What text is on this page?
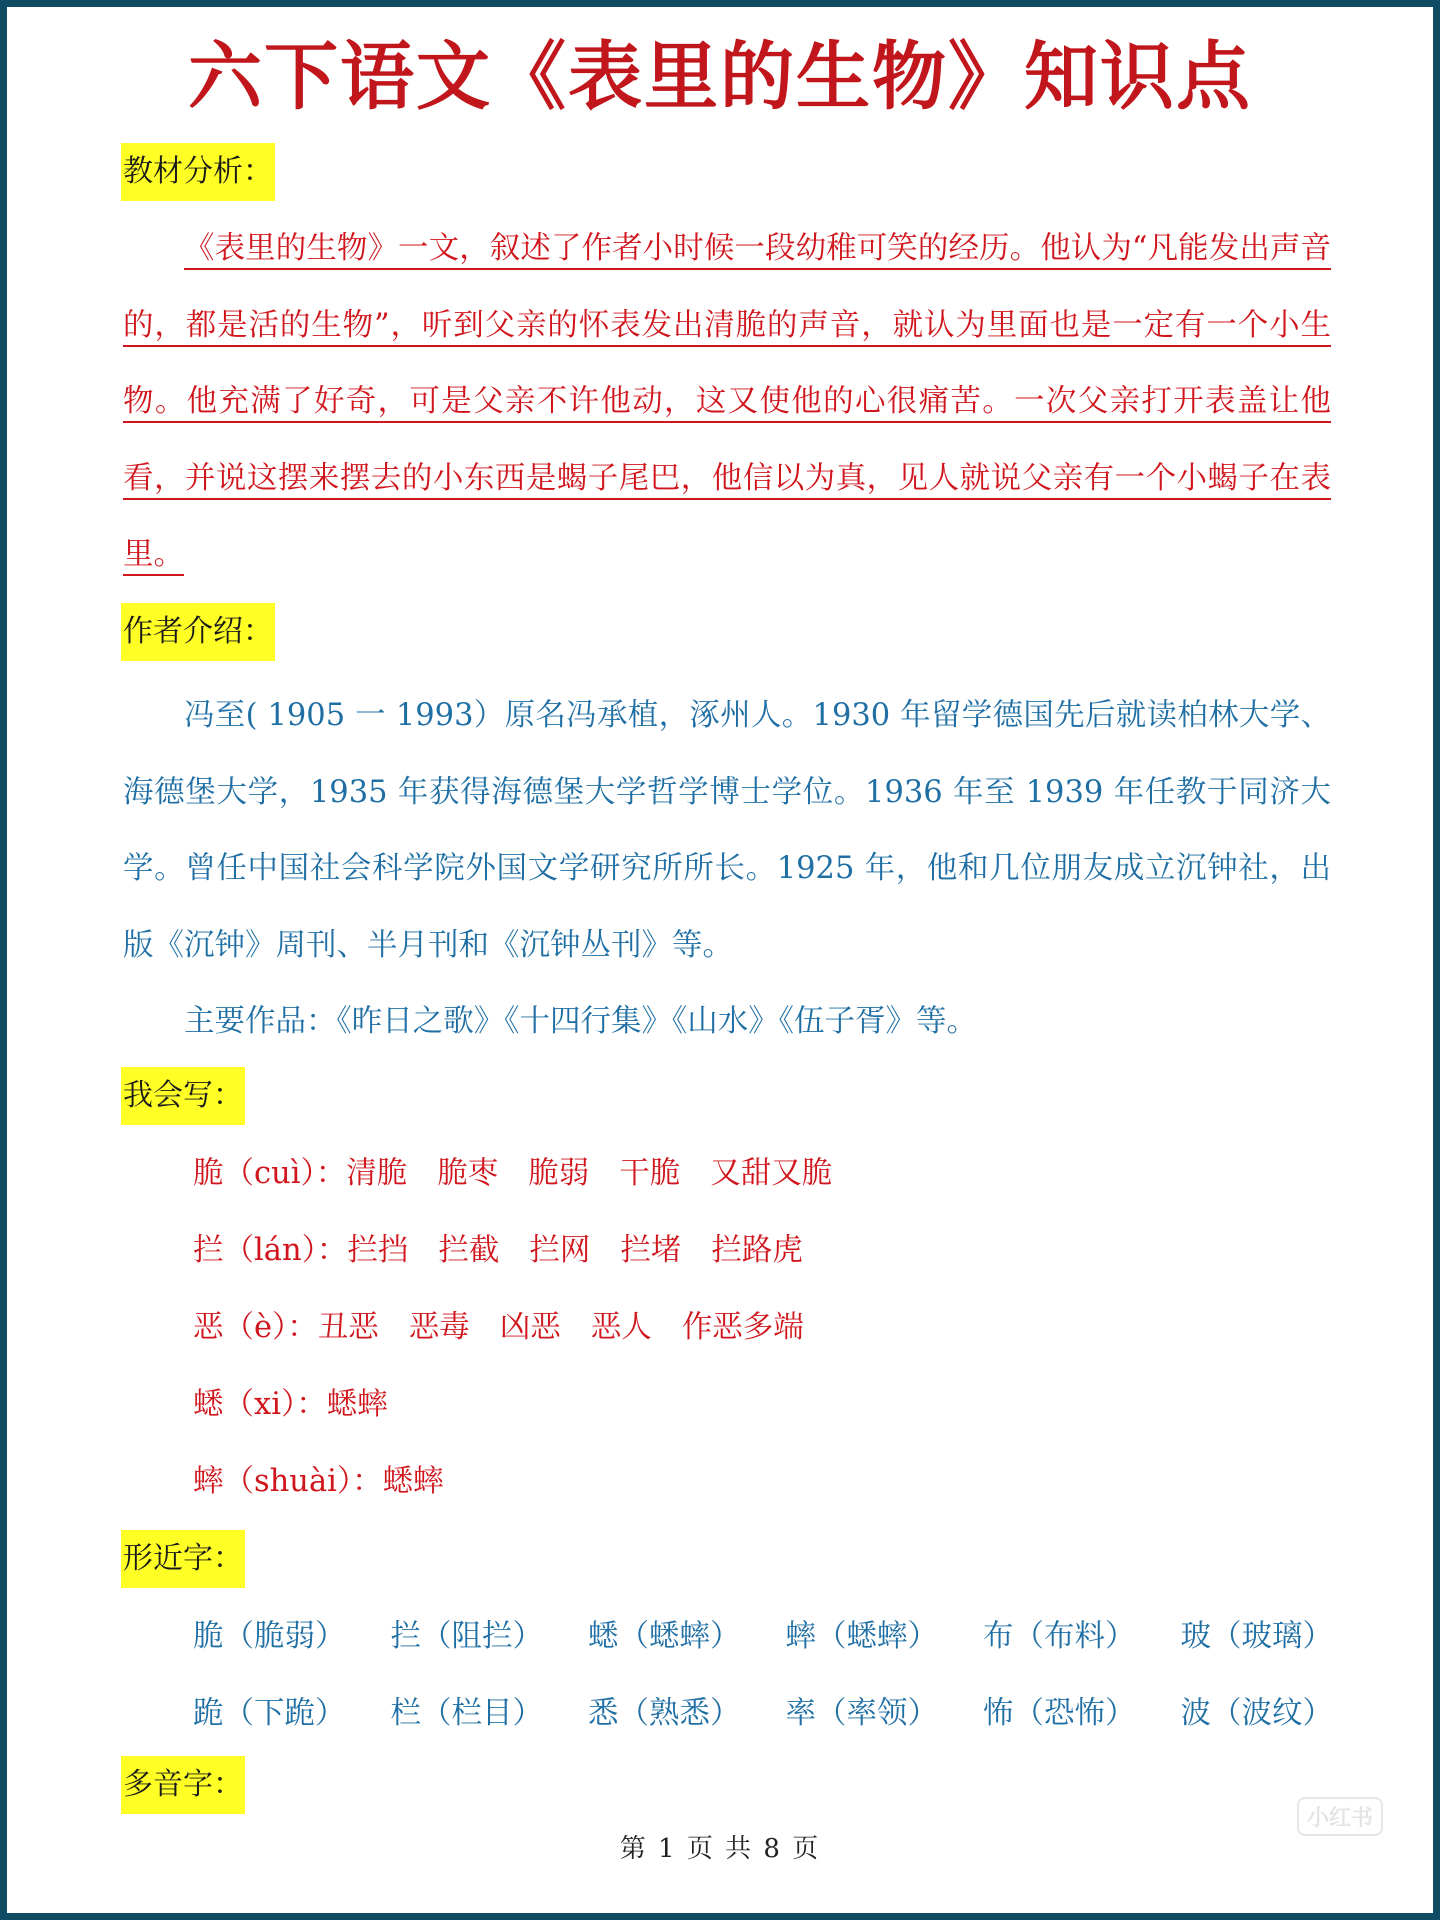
六下语文《表里的生物》知识点
教材分析：

《表里的生物》一文，叙述了作者小时候一段幼稚可笑的经历。他认为“凡能发出声音的，都是活的生物”，听到父亲的怀表发出清脆的声音，就认为里面也是一定有一个小生物。他充满了好奇，可是父亲不许他动，这又使他的心很痛苦。一次父亲打开表盖让他看，并说这摆来摆去的小东西是蝎子尾巴，他信以为真，见人就说父亲有一个小蝎子在表里。

作者介绍：

冯至( 1905 一 1993）原名冯承植，涿州人。1930 年留学德国先后就读柏林大学、海德堡大学，1935 年获得海德堡大学哲学博士学位。1936 年至 1939 年任教于同济大学。曾任中国社会科学院外国文学研究所所长。1925 年，他和几位朋友成立沉钟社，出版《沉钟》周刊、半月刊和《沉钟丛刊》等。

主要作品：《昨日之歌》《十四行集》《山水》《伍子胥》等。

我会写：
脆（cuì）：清脆 脆枣 脆弱 干脆 又甜又脆
拦（lán）：拦挡 拦截 拦网 拦堵 拦路虎
恶（è）：丑恶 恶毒 凶恶 恶人 作恶多端
蟋（xi）：蟋蟀
蟀（shuài）：蟋蟀
形近字：
脆（脆弱） 拦（阻拦） 蟋（蟋蟀） 蟀（蟋蟀） 布（布料） 玻（玻璃）
跪（下跪） 栏（栏目） 悉（熟悉） 率（率领） 怖（恐怖） 波（波纹）
多音字：
第 1 页 共 8 页
小红书
